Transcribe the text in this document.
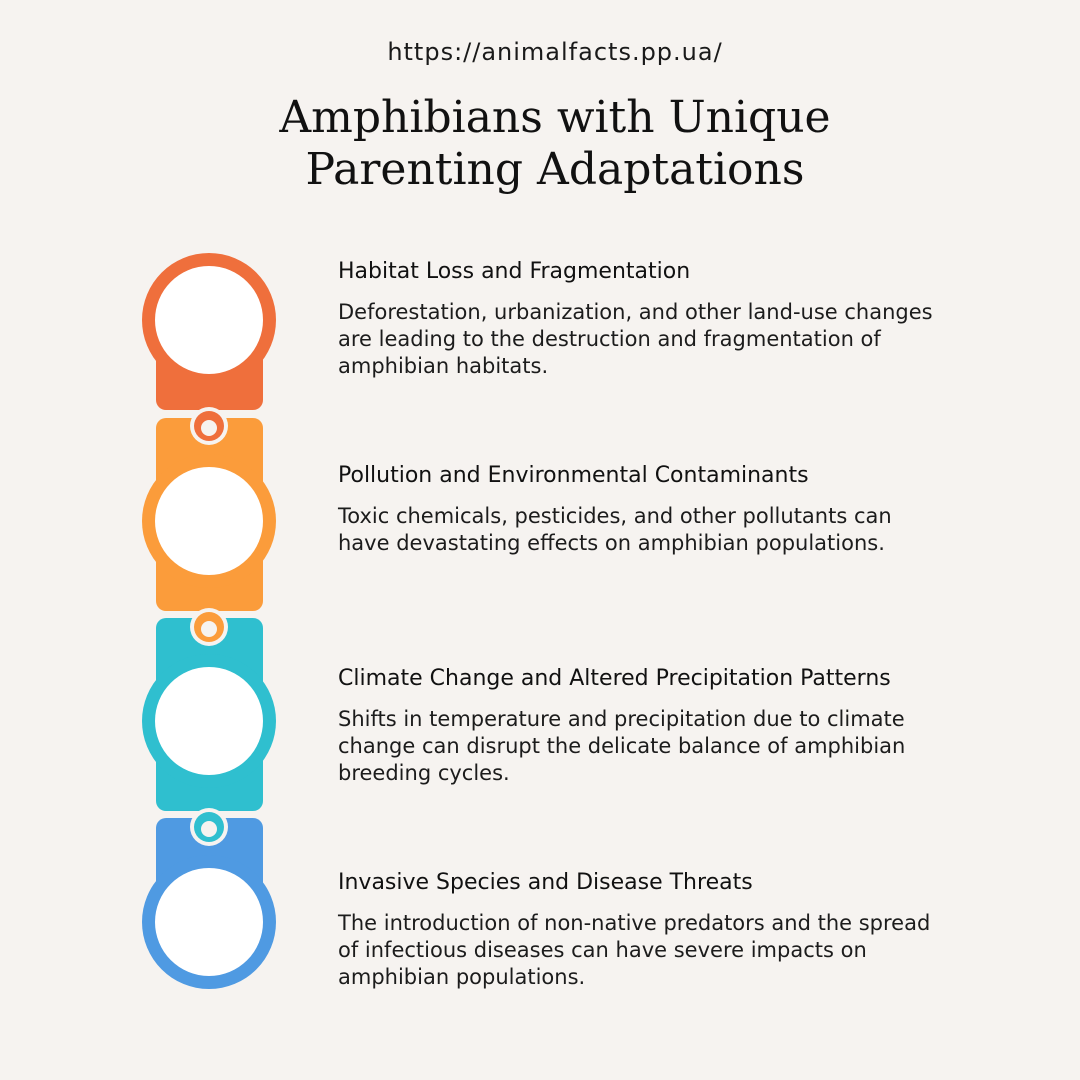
https://animalfacts.pp.ua/
Amphibians with Unique Parenting Adaptations
Habitat Loss and Fragmentation

Deforestation, urbanization, and other land-use changes are leading to the destruction and fragmentation of amphibian habitats.

Pollution and Environmental Contaminants

Toxic chemicals, pesticides, and other pollutants can have devastating effects on amphibian populations.

Climate Change and Altered Precipitation Patterns

Shifts in temperature and precipitation due to climate change can disrupt the delicate balance of amphibian breeding cycles.

Invasive Species and Disease Threats

The introduction of non-native predators and the spread of infectious diseases can have severe impacts on amphibian populations.
